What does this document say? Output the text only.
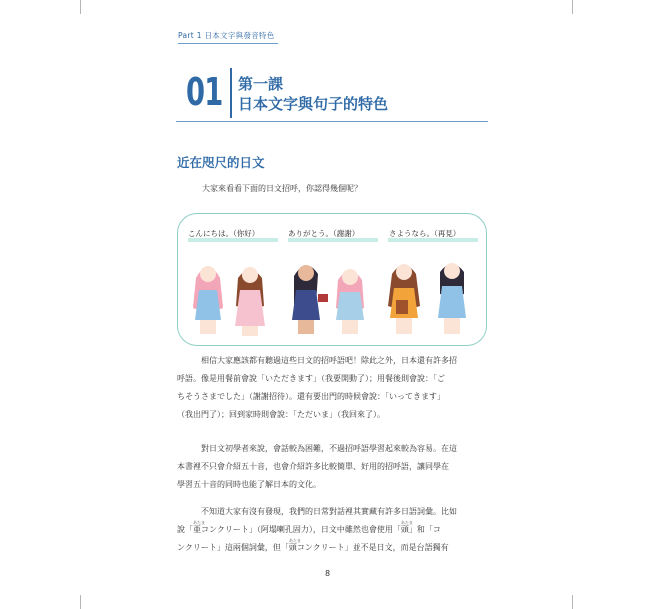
Part 1 日本文字與發音特色
01 第一課
日本文字與句子的特色
近在咫尺的日文
大家來看看下面的日文招呼，你認得幾個呢？
こんにちは。（你好）	ありがとう。（謝謝）	さようなら。（再見）
相信大家應該都有聽過這些日文的招呼語吧！除此之外，日本還有許多招
呼語。像是用餐前會說「いただきます」（我要開動了）；用餐後則會說：「ご
ちそうさまでした」（謝謝招待）。還有要出門的時候會說：「いってきます」
（我出門了）；回到家時則會說：「ただいま」（我回來了）。
對日文初學者來說，會話較為困難，不過招呼語學習起來較為容易。在這
本書裡不只會介紹五十音，也會介紹許多比較簡單、好用的招呼語，讓同學在
學習五十音的同時也能了解日本的文化。
不知道大家有沒有發現，我們的日常對話裡其實藏有許多日語詞彙。比如
說「
あたま
亜コンクリート」（阿塌喇孔固力），日文中雖然也會使用「
あたま
頭」和「コ
ンクリート」這兩個詞彙，但「
あたま
頭コンクリート」並不是日文，而是台語獨有
8
